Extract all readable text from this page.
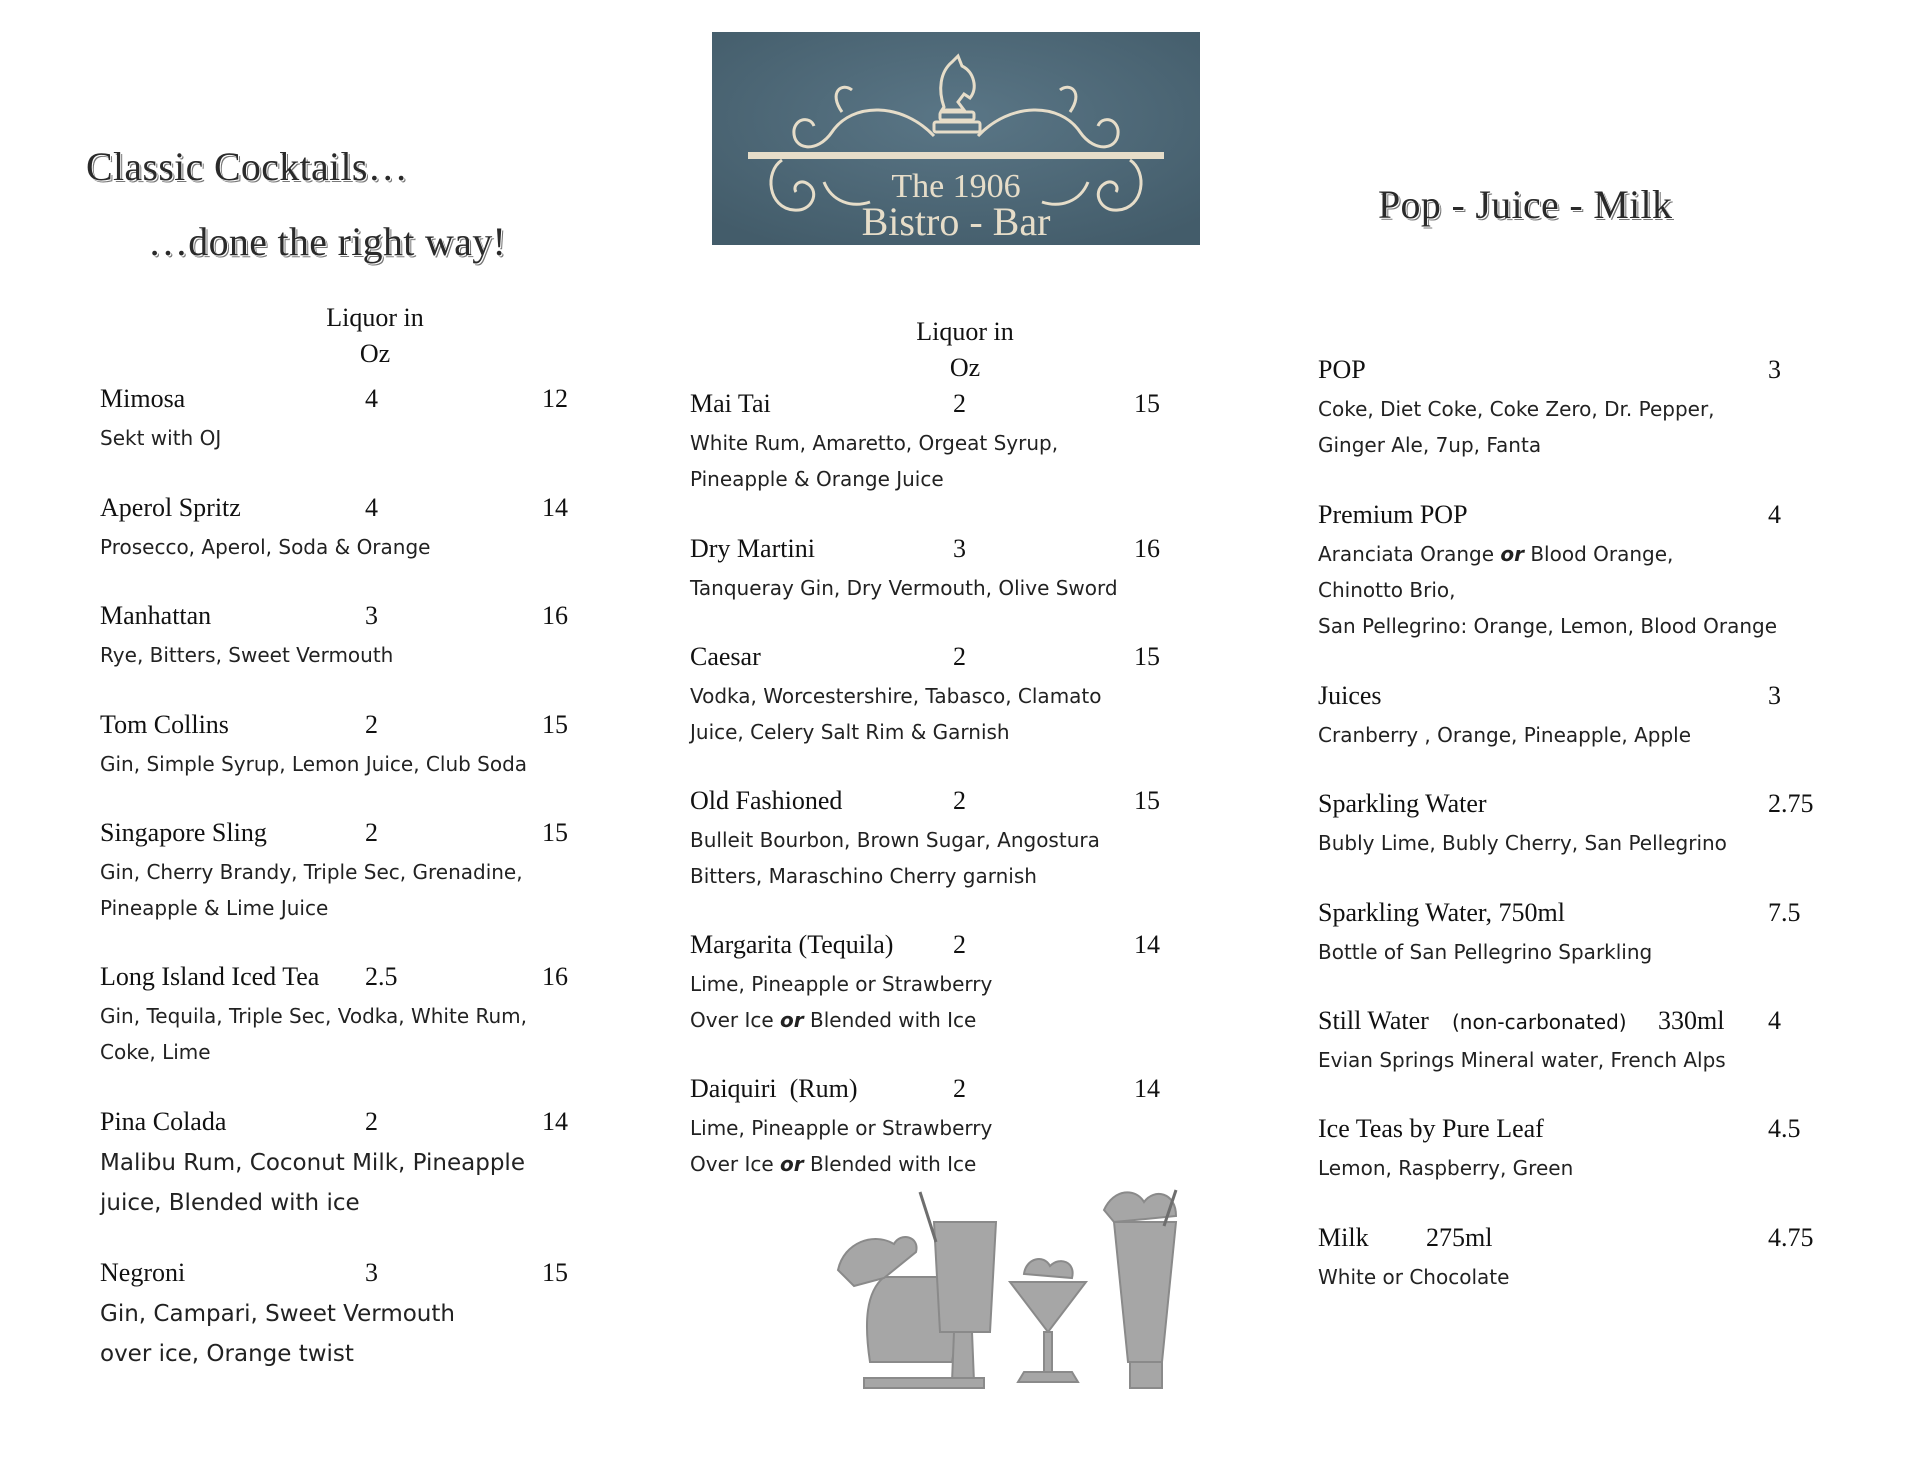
Classic Cocktails…
…done the right way!
Liquor in
Oz
Mimosa	4	12
Sekt with OJ
Aperol Spritz	4	14
Prosecco, Aperol, Soda & Orange
Manhattan	3	16
Rye, Bitters, Sweet Vermouth
Tom Collins	2	15
Gin, Simple Syrup, Lemon Juice, Club Soda
Singapore Sling	2	15
Gin, Cherry Brandy, Triple Sec, Grenadine,
Pineapple & Lime Juice
Long Island Iced Tea 2.5	16
Gin, Tequila, Triple Sec, Vodka, White Rum,
Coke, Lime
Pina Colada	2	14
Malibu Rum, Coconut Milk, Pineapple
juice, Blended with ice
Negroni	3	15
Gin, Campari, Sweet Vermouth
over ice, Orange twist
The 1906
Bistro - Bar
Liquor in
Oz
Mai Tai	2	15
White Rum, Amaretto, Orgeat Syrup,
Pineapple & Orange Juice
Dry Martini	3	16
Tanqueray Gin, Dry Vermouth, Olive Sword
Caesar	2	15
Vodka, Worcestershire, Tabasco, Clamato
Juice, Celery Salt Rim & Garnish
Old Fashioned	2	15
Bulleit Bourbon, Brown Sugar, Angostura
Bitters, Maraschino Cherry garnish
Margarita (Tequila) 2	14
Lime, Pineapple or Strawberry
Over Ice or Blended with Ice
Daiquiri  (Rum)	2	14
Lime, Pineapple or Strawberry
Over Ice or Blended with Ice
Pop - Juice - Milk
POP	3
Coke, Diet Coke, Coke Zero, Dr. Pepper,
Ginger Ale, 7up, Fanta
Premium POP	4
Aranciata Orange or Blood Orange,
Chinotto Brio,
San Pellegrino: Orange, Lemon, Blood Orange
Juices	3
Cranberry , Orange, Pineapple, Apple
Sparkling Water	2.75
Bubly Lime, Bubly Cherry, San Pellegrino
Sparkling Water, 750ml	7.5
Bottle of San Pellegrino Sparkling
Still Water (non-carbonated) 330ml 4
Evian Springs Mineral water, French Alps
Ice Teas by Pure Leaf	4.5
Lemon, Raspberry, Green
Milk 275ml	4.75
White or Chocolate
